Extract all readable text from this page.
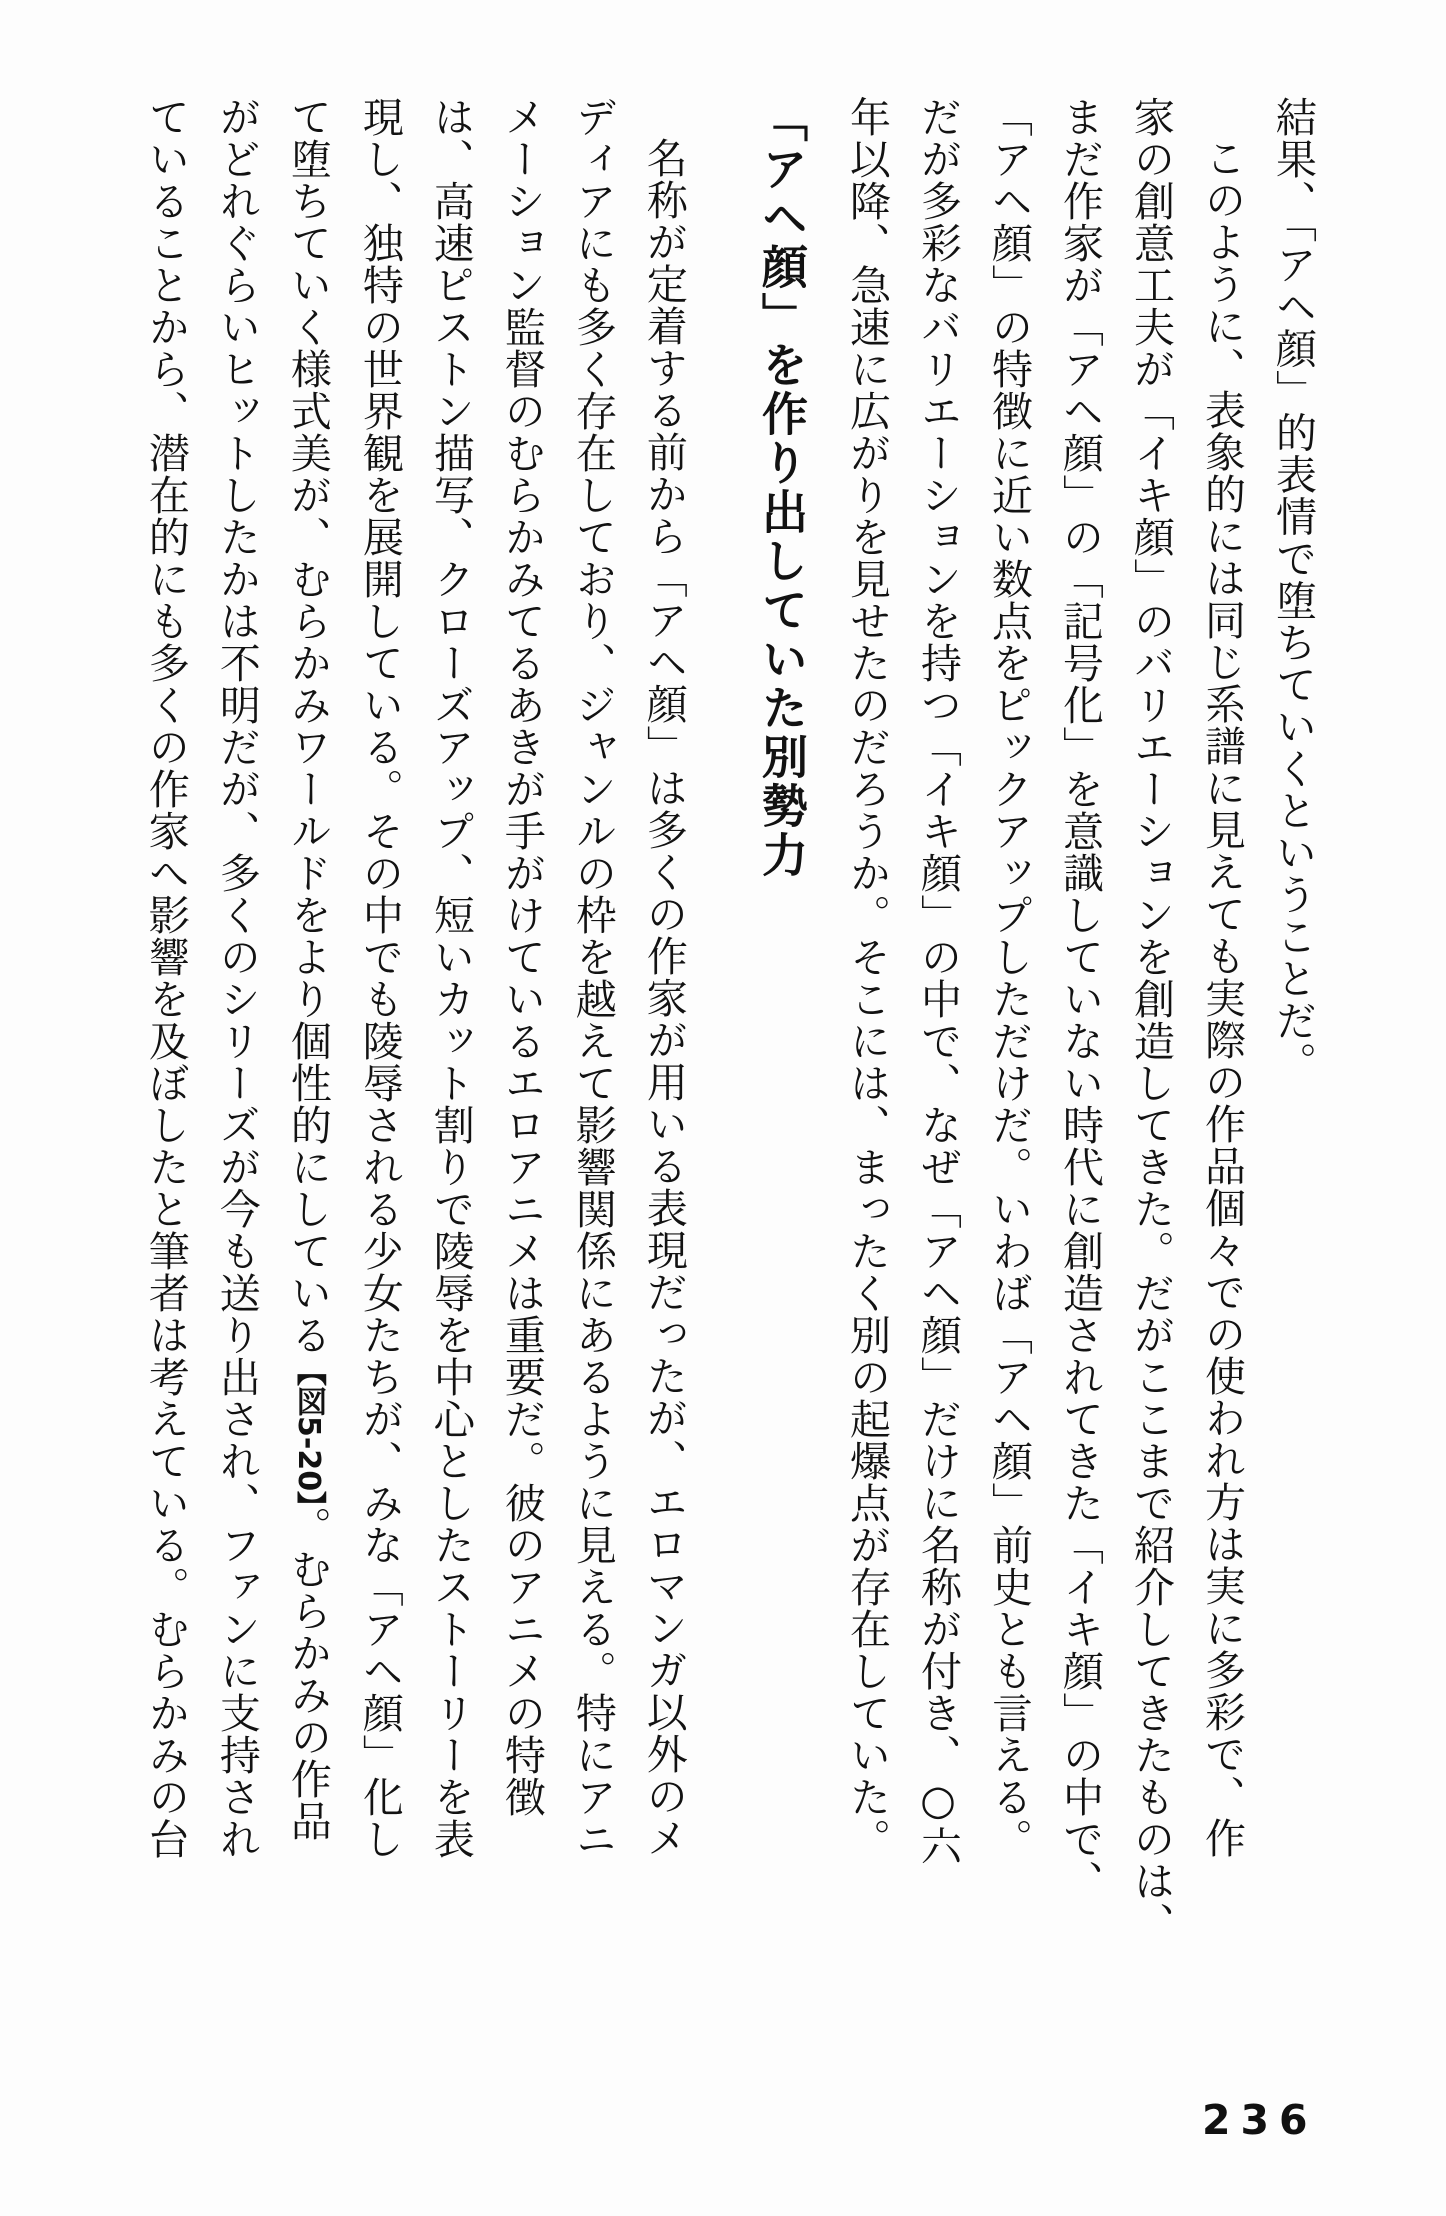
結果、「アヘ顔」的表情で堕ちていくということだ。

このように、表象的には同じ系譜に見えても実際の作品個々での使われ方は実に多彩で、作

家の創意工夫が「イキ顔」のバリエーションを創造してきた。だがここまで紹介してきたものは、

まだ作家が「アヘ顔」の「記号化」を意識していない時代に創造されてきた「イキ顔」の中で、

「アヘ顔」の特徴に近い数点をピックアップしただけだ。いわば「アヘ顔」前史とも言える。

だが多彩なバリエーションを持つ「イキ顔」の中で、なぜ「アヘ顔」だけに名称が付き、○六

年以降、急速に広がりを見せたのだろうか。そこには、まったく別の起爆点が存在していた。

「アヘ顔」を作り出していた別勢力

名称が定着する前から「アヘ顔」は多くの作家が用いる表現だったが、エロマンガ以外のメ

ディアにも多く存在しており、ジャンルの枠を越えて影響関係にあるように見える。特にアニ

メーション監督のむらかみてるあきが手がけているエロアニメは重要だ。彼のアニメの特徴

は、高速ピストン描写、クローズアップ、短いカット割りで陵辱を中心としたストーリーを表

現し、独特の世界観を展開している。その中でも陵辱される少女たちが、みな「アヘ顔」化し

て堕ちていく様式美が、むらかみワールドをより個性的にしている【図5-20】。むらかみの作品

がどれぐらいヒットしたかは不明だが、多くのシリーズが今も送り出され、ファンに支持され

ていることから、潜在的にも多くの作家へ影響を及ぼしたと筆者は考えている。むらかみの台

236
